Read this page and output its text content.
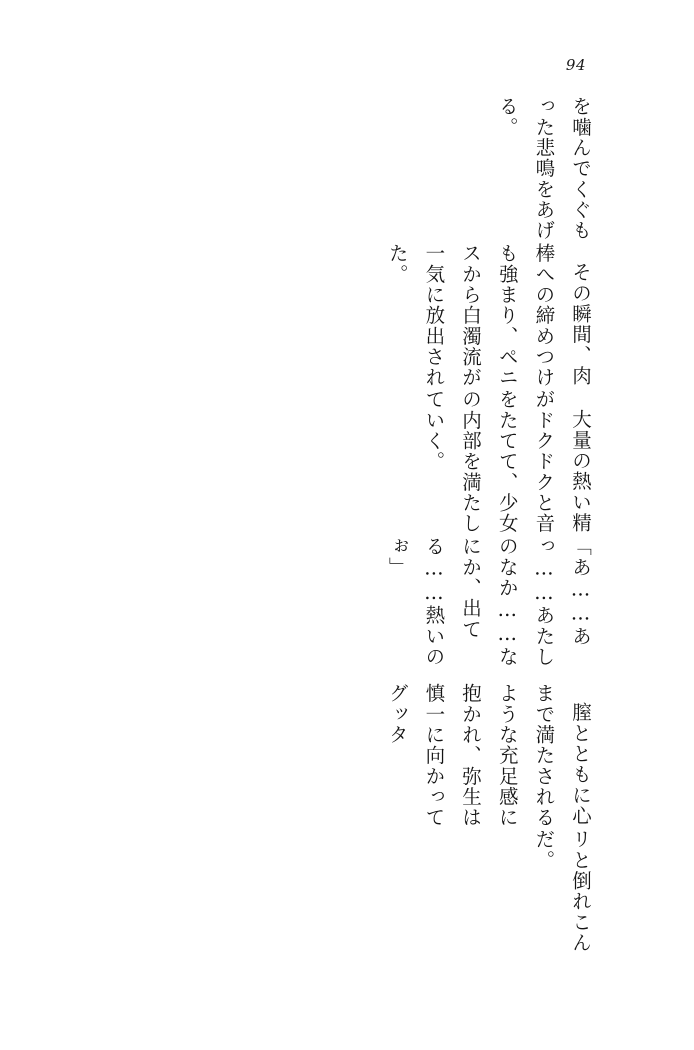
94

を噛んでくぐもった悲鳴をあげる。

その瞬間、肉棒への締めつけも強まり、ペニスから白濁流が一気に放出された。

大量の熱い精がドクドクと音をたてて、少女の内部を満たしていく。

「あ……あっ……あたしのなか……なにか、出てる……熱いのぉ」

膣とともに心まで満たされるような充足感に抱かれ、弥生は慎一に向かってグッタ

リと倒れこんだ。
